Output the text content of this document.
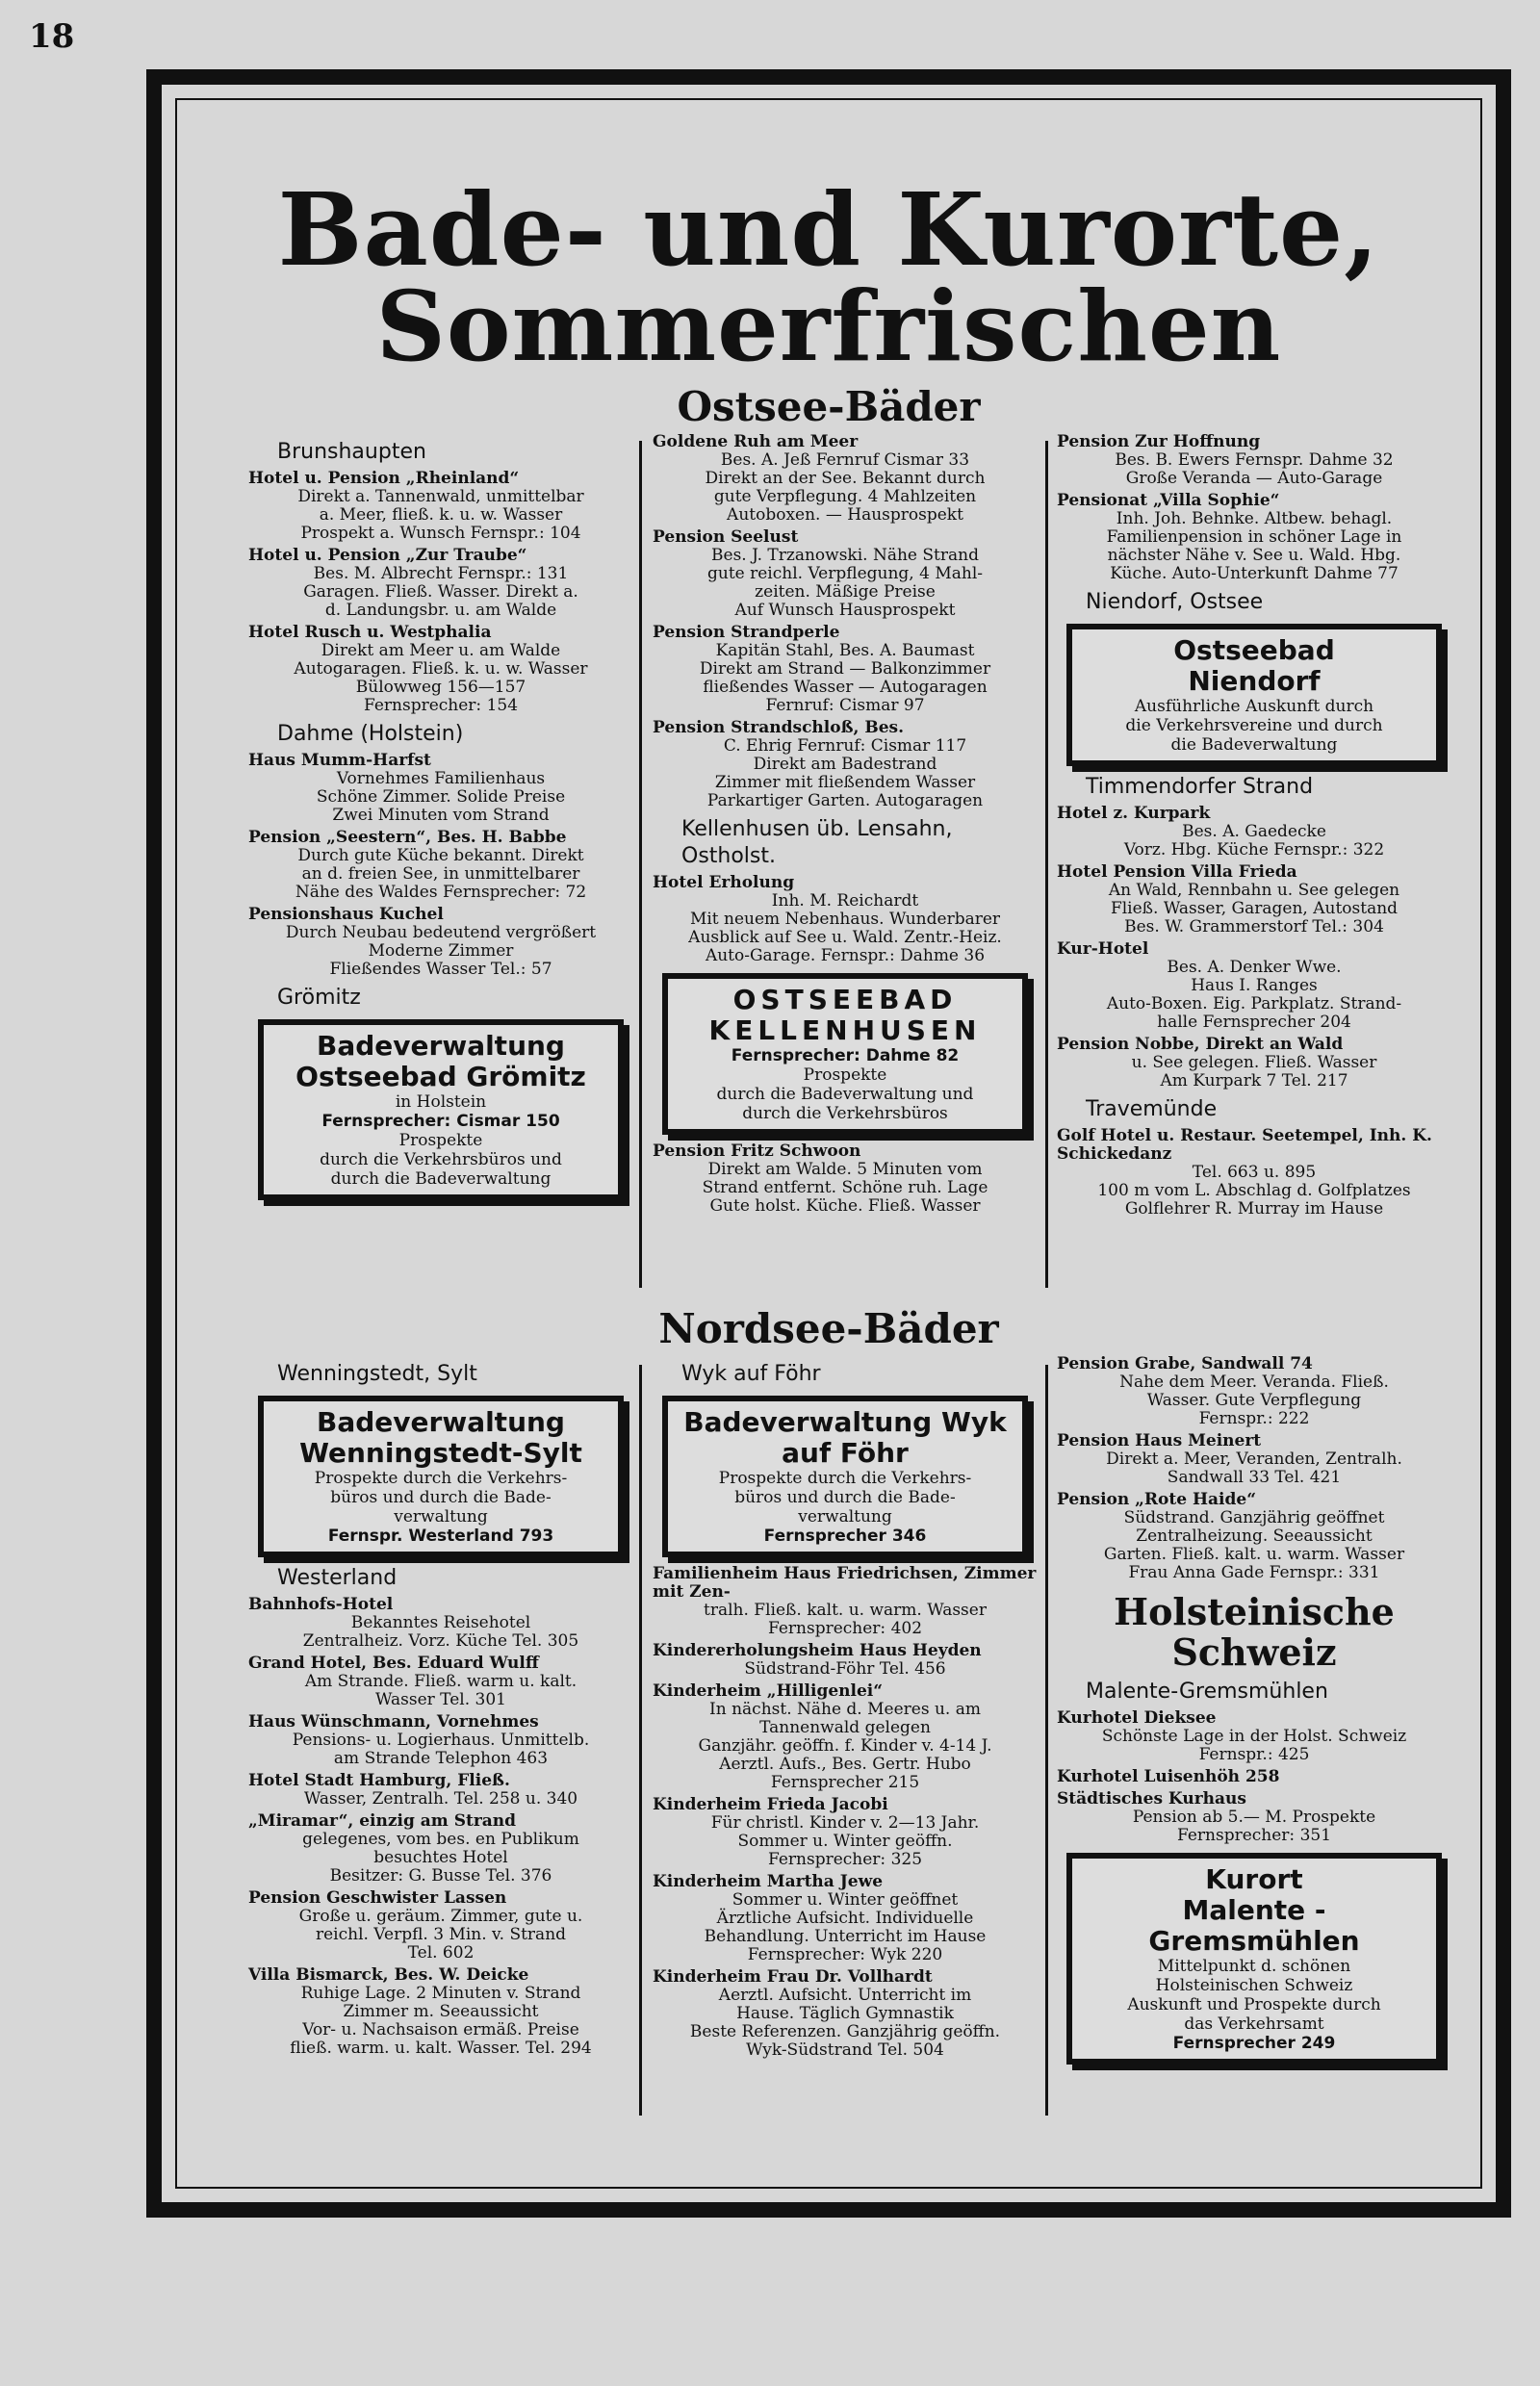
18
Bade- und Kurorte,
Sommerfrischen
Ostsee-Bäder
Brunshaupten
Hotel u. Pension „Rheinland“
Direkt a. Tannenwald, unmittelbar
a. Meer, fließ. k. u. w. Wasser
Prospekt a. Wunsch Fernspr.: 104
Hotel u. Pension „Zur Traube“
Bes. M. Albrecht Fernspr.: 131
Garagen. Fließ. Wasser. Direkt a.
d. Landungsbr. u. am Walde
Hotel Rusch u. Westphalia
Direkt am Meer u. am Walde
Autogaragen. Fließ. k. u. w. Wasser
Bülowweg 156—157
Fernsprecher: 154
Dahme (Holstein)
Haus Mumm-Harfst
Vornehmes Familienhaus
Schöne Zimmer. Solide Preise
Zwei Minuten vom Strand
Pension „Seestern“, Bes. H. Babbe
Durch gute Küche bekannt. Direkt
an d. freien See, in unmittelbarer
Nähe des Waldes Fernsprecher: 72
Pensionshaus Kuchel
Durch Neubau bedeutend vergrößert
Moderne Zimmer
Fließendes Wasser Tel.: 57
Grömitz
Badeverwaltung
Ostseebad Grömitz
in Holstein
Fernsprecher: Cismar 150
Prospekte
durch die Verkehrsbüros und
durch die Badeverwaltung
Goldene Ruh am Meer
Bes. A. Jeß Fernruf Cismar 33
Direkt an der See. Bekannt durch
gute Verpflegung. 4 Mahlzeiten
Autoboxen. — Hausprospekt
Pension Seelust
Bes. J. Trzanowski. Nähe Strand
gute reichl. Verpflegung, 4 Mahl-
zeiten. Mäßige Preise
Auf Wunsch Hausprospekt
Pension Strandperle
Kapitän Stahl, Bes. A. Baumast
Direkt am Strand — Balkonzimmer
fließendes Wasser — Autogaragen
Fernruf: Cismar 97
Pension Strandschloß, Bes.
C. Ehrig Fernruf: Cismar 117
Direkt am Badestrand
Zimmer mit fließendem Wasser
Parkartiger Garten. Autogaragen
Kellenhusen üb. Lensahn, Ostholst.
Hotel Erholung
Inh. M. Reichardt
Mit neuem Nebenhaus. Wunderbarer
Ausblick auf See u. Wald. Zentr.-Heiz.
Auto-Garage. Fernspr.: Dahme 36
OSTSEEBAD
KELLENHUSEN
Fernsprecher: Dahme 82
Prospekte
durch die Badeverwaltung und
durch die Verkehrsbüros
Pension Fritz Schwoon
Direkt am Walde. 5 Minuten vom
Strand entfernt. Schöne ruh. Lage
Gute holst. Küche. Fließ. Wasser
Pension Zur Hoffnung
Bes. B. Ewers Fernspr. Dahme 32
Große Veranda — Auto-Garage
Pensionat „Villa Sophie“
Inh. Joh. Behnke. Altbew. behagl.
Familienpension in schöner Lage in
nächster Nähe v. See u. Wald. Hbg.
Küche. Auto-Unterkunft Dahme 77
Niendorf, Ostsee
Ostseebad
Niendorf
Ausführliche Auskunft durch
die Verkehrsvereine und durch
die Badeverwaltung
Timmendorfer Strand
Hotel z. Kurpark
Bes. A. Gaedecke
Vorz. Hbg. Küche Fernspr.: 322
Hotel Pension Villa Frieda
An Wald, Rennbahn u. See gelegen
Fließ. Wasser, Garagen, Autostand
Bes. W. Grammerstorf Tel.: 304
Kur-Hotel
Bes. A. Denker Wwe.
Haus I. Ranges
Auto-Boxen. Eig. Parkplatz. Strand-
halle Fernsprecher 204
Pension Nobbe, Direkt an Wald
u. See gelegen. Fließ. Wasser
Am Kurpark 7 Tel. 217
Travemünde
Golf Hotel u. Restaur. Seetempel, Inh. K. Schickedanz
Tel. 663 u. 895
100 m vom L. Abschlag d. Golfplatzes
Golflehrer R. Murray im Hause
Nordsee-Bäder
Wenningstedt, Sylt
Badeverwaltung
Wenningstedt-Sylt
Prospekte durch die Verkehrs-
büros und durch die Bade-
verwaltung
Fernspr. Westerland 793
Westerland
Bahnhofs-Hotel
Bekanntes Reisehotel
Zentralheiz. Vorz. Küche Tel. 305
Grand Hotel, Bes. Eduard Wulff
Am Strande. Fließ. warm u. kalt.
Wasser Tel. 301
Haus Wünschmann, Vornehmes
Pensions- u. Logierhaus. Unmittelb.
am Strande Telephon 463
Hotel Stadt Hamburg, Fließ.
Wasser, Zentralh. Tel. 258 u. 340
„Miramar“, einzig am Strand
gelegenes, vom bes. en Publikum
besuchtes Hotel
Besitzer: G. Busse Tel. 376
Pension Geschwister Lassen
Große u. geräum. Zimmer, gute u.
reichl. Verpfl. 3 Min. v. Strand
Tel. 602
Villa Bismarck, Bes. W. Deicke
Ruhige Lage. 2 Minuten v. Strand
Zimmer m. Seeaussicht
Vor- u. Nachsaison ermäß. Preise
fließ. warm. u. kalt. Wasser. Tel. 294
Wyk auf Föhr
Badeverwaltung Wyk
auf Föhr
Prospekte durch die Verkehrs-
büros und durch die Bade-
verwaltung
Fernsprecher 346
Familienheim Haus Friedrichsen, Zimmer mit Zen-
tralh. Fließ. kalt. u. warm. Wasser
Fernsprecher: 402
Kindererholungsheim Haus Heyden
Südstrand-Föhr Tel. 456
Kinderheim „Hilligenlei“
In nächst. Nähe d. Meeres u. am
Tannenwald gelegen
Ganzjähr. geöffn. f. Kinder v. 4-14 J.
Aerztl. Aufs., Bes. Gertr. Hubo
Fernsprecher 215
Kinderheim Frieda Jacobi
Für christl. Kinder v. 2—13 Jahr.
Sommer u. Winter geöffn.
Fernsprecher: 325
Kinderheim Martha Jewe
Sommer u. Winter geöffnet
Ärztliche Aufsicht. Individuelle
Behandlung. Unterricht im Hause
Fernsprecher: Wyk 220
Kinderheim Frau Dr. Vollhardt
Aerztl. Aufsicht. Unterricht im
Hause. Täglich Gymnastik
Beste Referenzen. Ganzjährig geöffn.
Wyk-Südstrand Tel. 504
Pension Grabe, Sandwall 74
Nahe dem Meer. Veranda. Fließ.
Wasser. Gute Verpflegung
Fernspr.: 222
Pension Haus Meinert
Direkt a. Meer, Veranden, Zentralh.
Sandwall 33 Tel. 421
Pension „Rote Haide“
Südstrand. Ganzjährig geöffnet
Zentralheizung. Seeaussicht
Garten. Fließ. kalt. u. warm. Wasser
Frau Anna Gade Fernspr.: 331
Holsteinische Schweiz
Malente-Gremsmühlen
Kurhotel Dieksee
Schönste Lage in der Holst. Schweiz
Fernspr.: 425
Kurhotel Luisenhöh 258
Städtisches Kurhaus
Pension ab 5.— M. Prospekte
Fernsprecher: 351
Kurort
Malente - Gremsmühlen
Mittelpunkt d. schönen
Holsteinischen Schweiz
Auskunft und Prospekte durch
das Verkehrsamt
Fernsprecher 249
